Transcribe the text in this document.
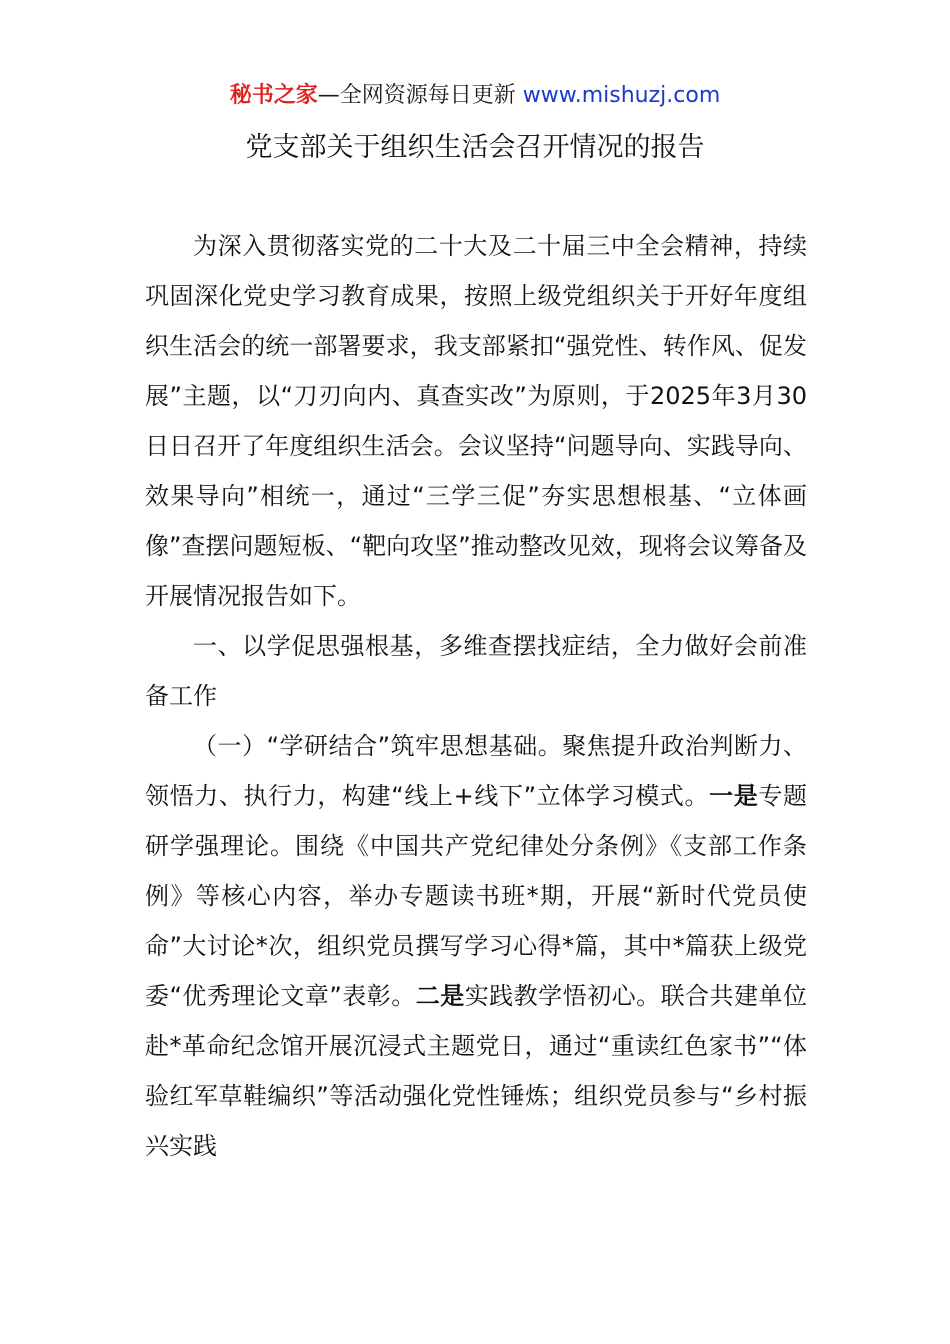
秘书之家—全网资源每日更新 www.mishuzj.com
党支部关于组织生活会召开情况的报告

为深入贯彻落实党的二十大及二十届三中全会精神，持续巩固深化党史学习教育成果，按照上级党组织关于开好年度组织生活会的统一部署要求，我支部紧扣“强党性、转作风、促发展”主题，以“刀刃向内、真查实改”为原则，于2025年3月30日日召开了年度组织生活会。会议坚持“问题导向、实践导向、效果导向”相统一，通过“三学三促”夯实思想根基、“立体画像”查摆问题短板、“靶向攻坚”推动整改见效，现将会议筹备及开展情况报告如下。

一、以学促思强根基，多维查摆找症结，全力做好会前准备工作

（一）“学研结合”筑牢思想基础。聚焦提升政治判断力、领悟力、执行力，构建“线上+线下”立体学习模式。一是专题研学强理论。围绕《中国共产党纪律处分条例》《支部工作条例》等核心内容，举办专题读书班*期，开展“新时代党员使命”大讨论*次，组织党员撰写学习心得*篇，其中*篇获上级党委“优秀理论文章”表彰。二是实践教学悟初心。联合共建单位赴*革命纪念馆开展沉浸式主题党日，通过“重读红色家书”“体验红军草鞋编织”等活动强化党性锤炼；组织党员参与“乡村振兴实践
